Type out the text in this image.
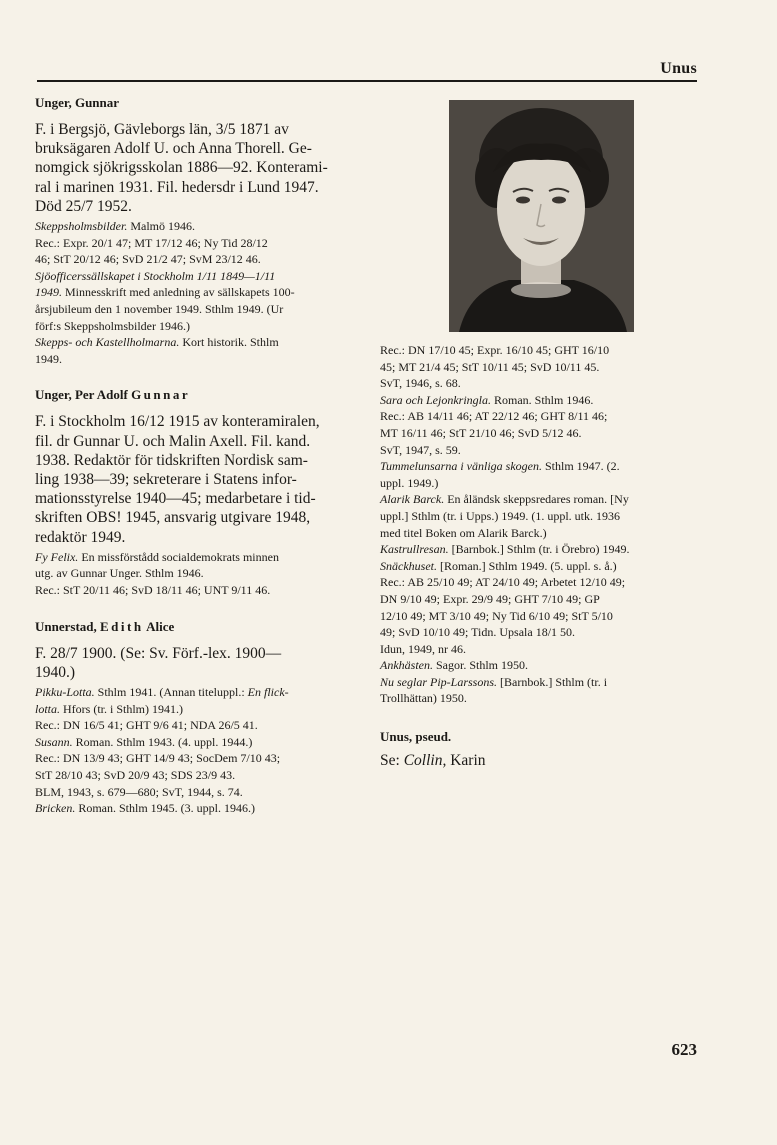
Unus

Unger, Gunnar

F. i Bergsjö, Gävleborgs län, 3/5 1871 av
bruksägaren Adolf U. och Anna Thorell. Ge-
nomgick sjökrigsskolan 1886—92. Konterami-
ral i marinen 1931. Fil. hedersdr i Lund 1947.
Död 25/7 1952.

Skeppsholmsbilder. Malmö 1946.
Rec.: Expr. 20/1 47; MT 17/12 46; Ny Tid 28/12
46; StT 20/12 46; SvD 21/2 47; SvM 23/12 46.
Sjöofficerssällskapet i Stockholm 1/11 1849—1/11
1949. Minnesskrift med anledning av sällskapets 100-
årsjubileum den 1 november 1949. Sthlm 1949. (Ur
förf:s Skeppsholmsbilder 1946.)
Skepps- och Kastellholmarna. Kort historik. Sthlm
1949.

Unger, Per Adolf Gunnar

F. i Stockholm 16/12 1915 av konteramiralen,
fil. dr Gunnar U. och Malin Axell. Fil. kand.
1938. Redaktör för tidskriften Nordisk sam-
ling 1938—39; sekreterare i Statens infor-
mationsstyrelse 1940—45; medarbetare i tid-
skriften OBS! 1945, ansvarig utgivare 1948,
redaktör 1949.

Fy Felix. En missförstådd socialdemokrats minnen
utg. av Gunnar Unger. Sthlm 1946.
Rec.: StT 20/11 46; SvD 18/11 46; UNT 9/11 46.

Unnerstad, Edith Alice

F. 28/7 1900. (Se: Sv. Förf.-lex. 1900—
1940.)

Pikku-Lotta. Sthlm 1941. (Annan titeluppl.: En flick-
lotta. Hfors (tr. i Sthlm) 1941.)
Rec.: DN 16/5 41; GHT 9/6 41; NDA 26/5 41.
Susann. Roman. Sthlm 1943. (4. uppl. 1944.)
Rec.: DN 13/9 43; GHT 14/9 43; SocDem 7/10 43;
StT 28/10 43; SvD 20/9 43; SDS 23/9 43.
BLM, 1943, s. 679—680; SvT, 1944, s. 74.
Bricken. Roman. Sthlm 1945. (3. uppl. 1946.)

Rec.: DN 17/10 45; Expr. 16/10 45; GHT 16/10
45; MT 21/4 45; StT 10/11 45; SvD 10/11 45.
SvT, 1946, s. 68.
Sara och Lejonkringla. Roman. Sthlm 1946.
Rec.: AB 14/11 46; AT 22/12 46; GHT 8/11 46;
MT 16/11 46; StT 21/10 46; SvD 5/12 46.
SvT, 1947, s. 59.
Tummelunsarna i vänliga skogen. Sthlm 1947. (2.
uppl. 1949.)
Alarik Barck. En åländsk skeppsredares roman. [Ny
uppl.] Sthlm (tr. i Upps.) 1949. (1. uppl. utk. 1936
med titel Boken om Alarik Barck.)
Kastrullresan. [Barnbok.] Sthlm (tr. i Örebro) 1949.
Snäckhuset. [Roman.] Sthlm 1949. (5. uppl. s. å.)
Rec.: AB 25/10 49; AT 24/10 49; Arbetet 12/10 49;
DN 9/10 49; Expr. 29/9 49; GHT 7/10 49; GP
12/10 49; MT 3/10 49; Ny Tid 6/10 49; StT 5/10
49; SvD 10/10 49; Tidn. Upsala 18/1 50.
Idun, 1949, nr 46.
Ankhästen. Sagor. Sthlm 1950.
Nu seglar Pip-Larssons. [Barnbok.] Sthlm (tr. i
Trollhättan) 1950.

Unus, pseud.

Se: Collin, Karin

623
